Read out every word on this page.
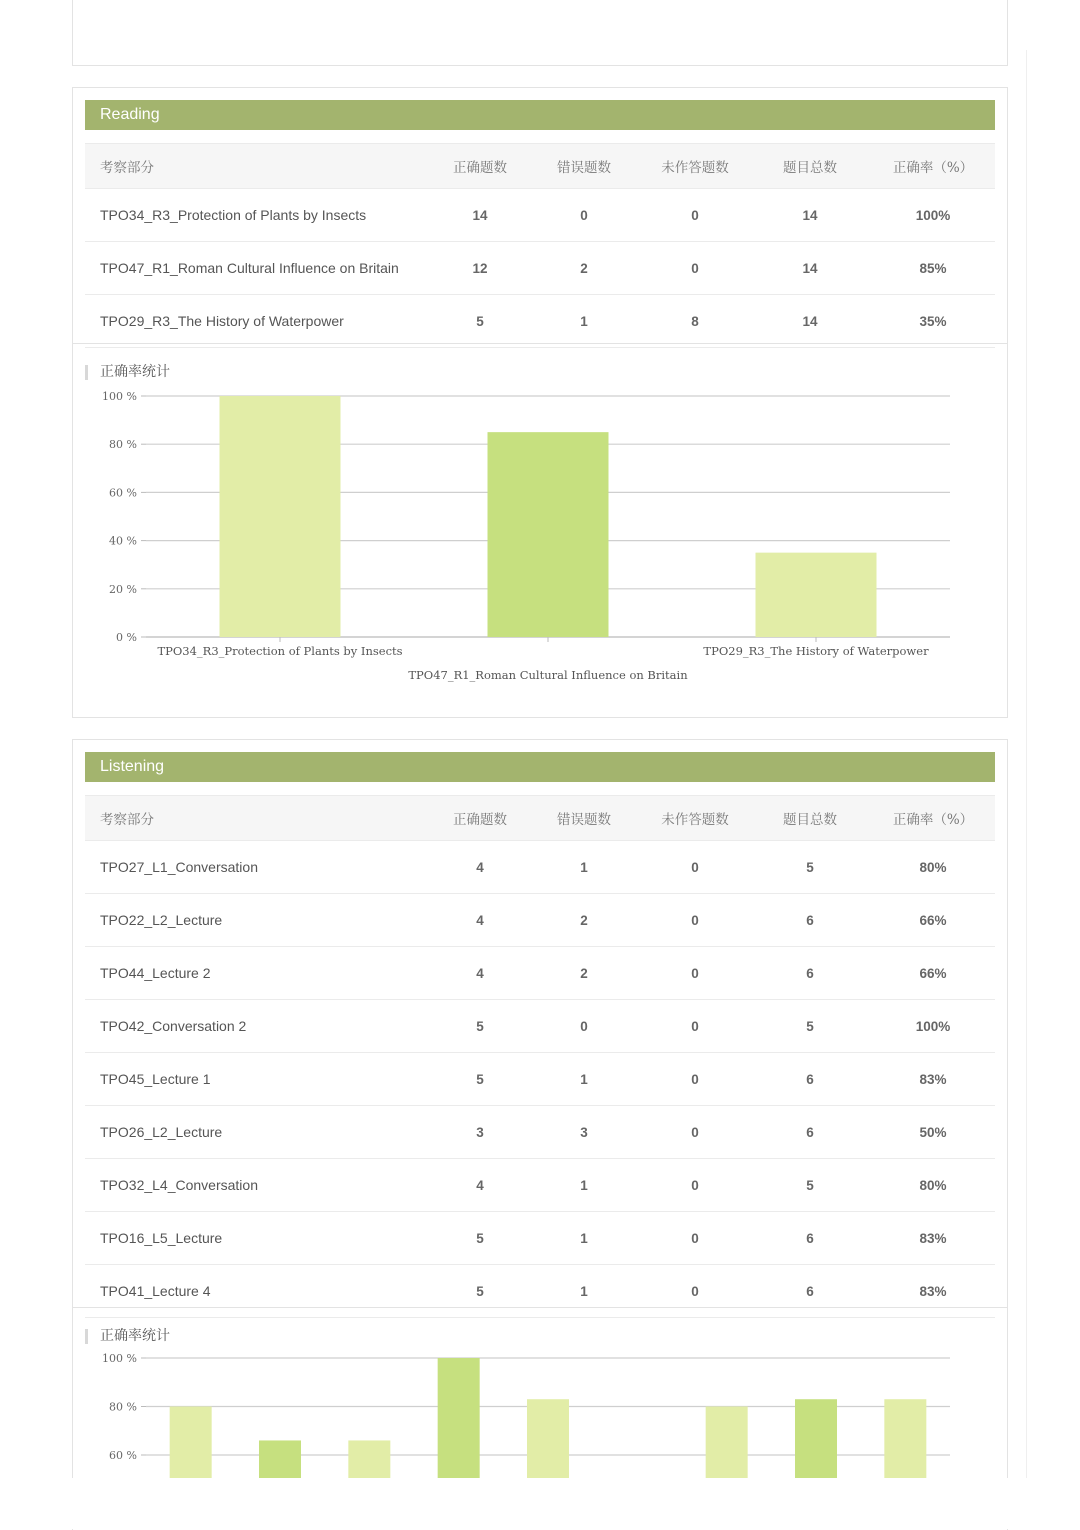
Reading
考察部分	正确题数	错误题数	未作答题数	题目总数	正确率（%）
TPO34_R3_Protection of Plants by Insects	14	0	0	14	100%
TPO47_R1_Roman Cultural Influence on Britain	12	2	0	14	85%
TPO29_R3_The History of Waterpower	5	1	8	14	35%
正确率统计
0 %
20 %
40 %
60 %
80 %
100 %
TPO34_R3_Protection of Plants by Insects
TPO47_R1_Roman Cultural Influence on Britain
TPO29_R3_The History of Waterpower
Listening
考察部分	正确题数	错误题数	未作答题数	题目总数	正确率（%）
TPO27_L1_Conversation	4	1	0	5	80%
TPO22_L2_Lecture	4	2	0	6	66%
TPO44_Lecture 2	4	2	0	6	66%
TPO42_Conversation 2	5	0	0	5	100%
TPO45_Lecture 1	5	1	0	6	83%
TPO26_L2_Lecture	3	3	0	6	50%
TPO32_L4_Conversation	4	1	0	5	80%
TPO16_L5_Lecture	5	1	0	6	83%
TPO41_Lecture 4	5	1	0	6	83%
正确率统计
60 %
80 %
100 %
